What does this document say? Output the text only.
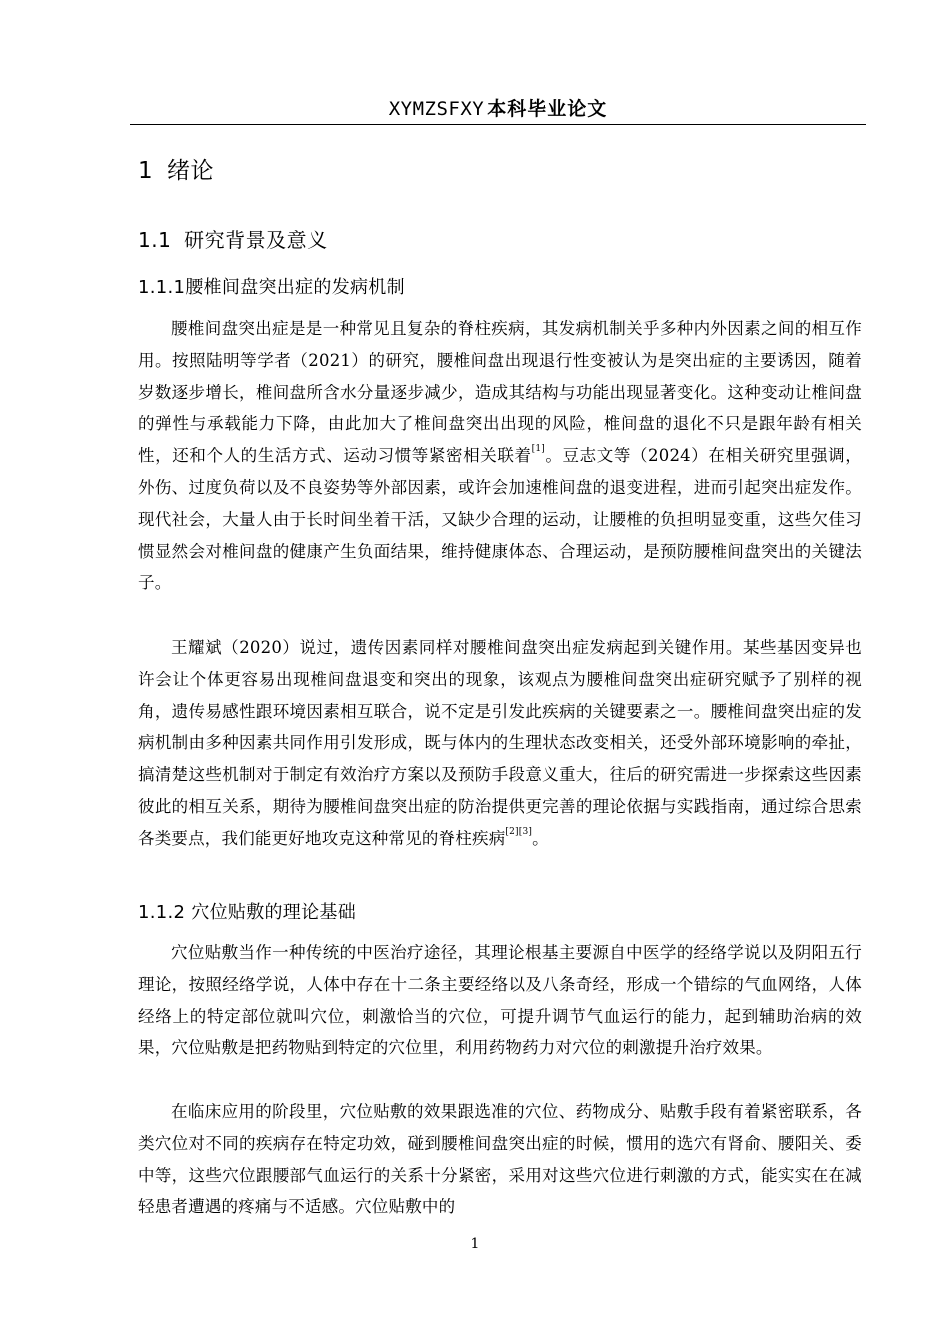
XYMZSFXY 本科毕业论文
1 绪论
1.1 研究背景及意义
1.1.1腰椎间盘突出症的发病机制

腰椎间盘突出症是是一种常见且复杂的脊柱疾病，其发病机制关乎多种内外因素之间的相互作用。按照陆明等学者（2021）的研究，腰椎间盘出现退行性变被认为是突出症的主要诱因，随着岁数逐步增长，椎间盘所含水分量逐步减少，造成其结构与功能出现显著变化。这种变动让椎间盘的弹性与承载能力下降，由此加大了椎间盘突出出现的风险，椎间盘的退化不只是跟年龄有相关性，还和个人的生活方式、运动习惯等紧密相关联着[1]。豆志文等（2024）在相关研究里强调，外伤、过度负荷以及不良姿势等外部因素，或许会加速椎间盘的退变进程，进而引起突出症发作。现代社会，大量人由于长时间坐着干活，又缺少合理的运动，让腰椎的负担明显变重，这些欠佳习惯显然会对椎间盘的健康产生负面结果，维持健康体态、合理运动，是预防腰椎间盘突出的关键法子。

王耀斌（2020）说过，遗传因素同样对腰椎间盘突出症发病起到关键作用。某些基因变异也许会让个体更容易出现椎间盘退变和突出的现象，该观点为腰椎间盘突出症研究赋予了别样的视角，遗传易感性跟环境因素相互联合，说不定是引发此疾病的关键要素之一。腰椎间盘突出症的发病机制由多种因素共同作用引发形成，既与体内的生理状态改变相关，还受外部环境影响的牵扯，搞清楚这些机制对于制定有效治疗方案以及预防手段意义重大，往后的研究需进一步探索这些因素彼此的相互关系，期待为腰椎间盘突出症的防治提供更完善的理论依据与实践指南，通过综合思索各类要点，我们能更好地攻克这种常见的脊柱疾病[2][3]。

1.1.2 穴位贴敷的理论基础

穴位贴敷当作一种传统的中医治疗途径，其理论根基主要源自中医学的经络学说以及阴阳五行理论，按照经络学说，人体中存在十二条主要经络以及八条奇经，形成一个错综的气血网络，人体经络上的特定部位就叫穴位，刺激恰当的穴位，可提升调节气血运行的能力，起到辅助治病的效果，穴位贴敷是把药物贴到特定的穴位里，利用药物药力对穴位的刺激提升治疗效果。

在临床应用的阶段里，穴位贴敷的效果跟选准的穴位、药物成分、贴敷手段有着紧密联系，各类穴位对不同的疾病存在特定功效，碰到腰椎间盘突出症的时候，惯用的选穴有肾俞、腰阳关、委中等，这些穴位跟腰部气血运行的关系十分紧密，采用对这些穴位进行刺激的方式，能实实在在减轻患者遭遇的疼痛与不适感。穴位贴敷中的

1
